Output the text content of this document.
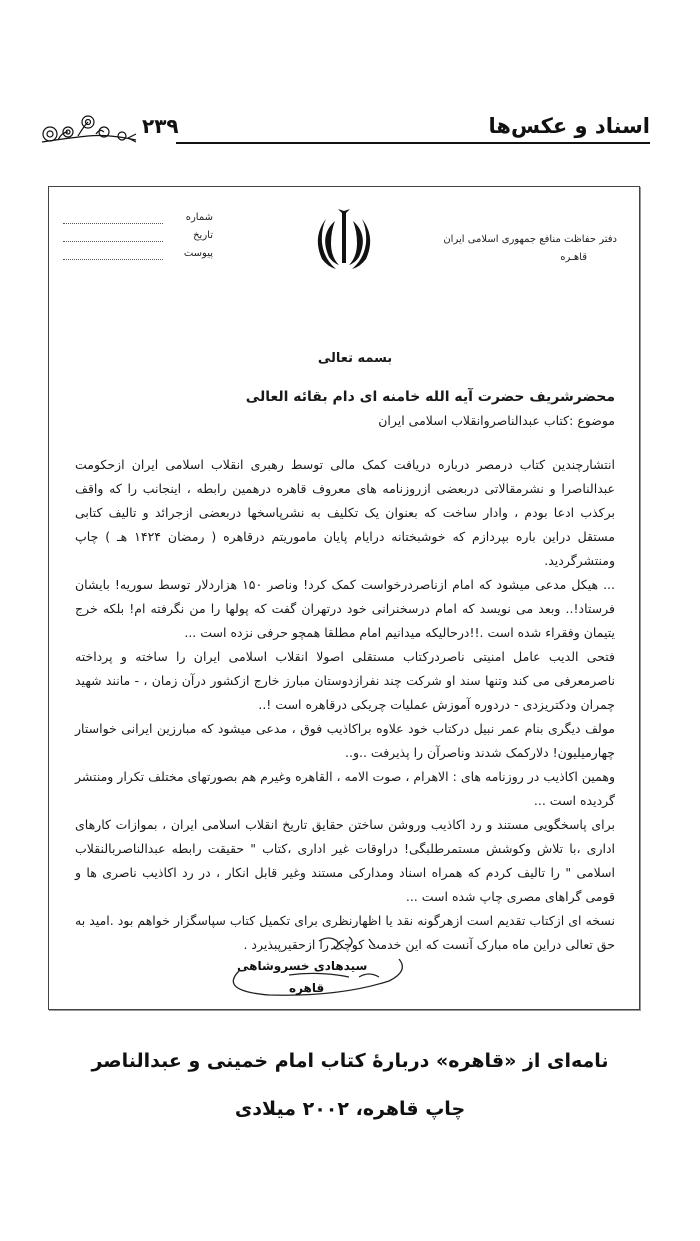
۲۳۹	اسناد و عکس‌ها
دفتر حفاظت منافع جمهوری اسلامی ایران
قاهـره
شماره
تاریخ
پیوست
بسمه تعالی

محضرشریف حضرت آیه الله خامنه ای دام بقائه العالی

موضوع :کتاب عبدالناصروانقلاب اسلامی ایران

انتشارچندین کتاب درمصر درباره دریافت کمک مالی توسط رهبری انقلاب اسلامی ایران ازحکومت عبدالناصرا و نشرمقالاتی دربعضی ازروزنامه های معروف قاهره درهمین رابطه ، اینجانب را که واقف برکذب ادعا بودم ، وادار ساخت که بعنوان یک تکلیف به نشرپاسخها دربعضی ازجرائد و تالیف کتابی مستقل دراین باره بپردازم که خوشبختانه درایام پایان ماموریتم درقاهره ( رمضان ۱۴۲۴ هـ ) چاپ ومنتشرگردید.

... هیکل مدعی میشود که امام ازناصردرخواست کمک کرد! وناصر ۱۵۰ هزاردلار توسط سوریه! بایشان فرستاد!.. وبعد می نویسد که امام درسخنرانی خود درتهران گفت که پولها را من نگرفته ام! بلکه خرج یتیمان وفقراء شده است .!!درحالیکه میدانیم امام مطلقا همچو حرفی نزده است ...

فتحی الدیب عامل امنیتی ناصردرکتاب مستقلی اصولا انقلاب اسلامی ایران را ساخته و پرداخته ناصرمعرفی می کند وتنها سند او شرکت چند نفرازدوستان مبارز خارج ازکشور درآن زمان ، - مانند شهید چمران ودکتریزدی - دردوره آموزش عملیات چریکی درقاهره است !..

مولف دیگری بنام عمر نبیل درکتاب خود علاوه براکاذیب فوق ، مدعی میشود که مبارزین ایرانی خواستار چهارمیلیون! دلارکمک شدند وناصرآن را پذیرفت ..و..

وهمین اکاذیب در روزنامه های : الاهرام ، صوت الامه ، القاهره وغیرم هم بصورتهای مختلف تکرار ومنتشر گردیده است ...

برای پاسخگویی مستند و رد اکاذیب وروشن ساختن حقایق تاریخ انقلاب اسلامی ایران ، بموازات کارهای اداری ،با تلاش وکوشش مستمرطلبگی! دراوقات غیر اداری ،کتاب " حقیقت رابطه عبدالناصربالنقلاب اسلامی " را تالیف کردم که همراه اسناد ومدارکی مستند وغیر قابل انکار ، در رد اکاذیب ناصری ها و قومی گراهای مصری چاپ شده است ...

نسخه ای ازکتاب تقدیم است ازهرگونه نقد یا اظهارنظری برای تکمیل کتاب سپاسگزار خواهم بود .امید به حق تعالی دراین ماه مبارک آنست که این خدمت کوچک را ازحقیرپبذیرد .

سیدهادی خسروشاهی
قاهره
نامه‌ای از «قاهره» دربارهٔ کتاب امام خمینی و عبدالناصر
چاپ قاهره، ۲۰۰۲ میلادی
